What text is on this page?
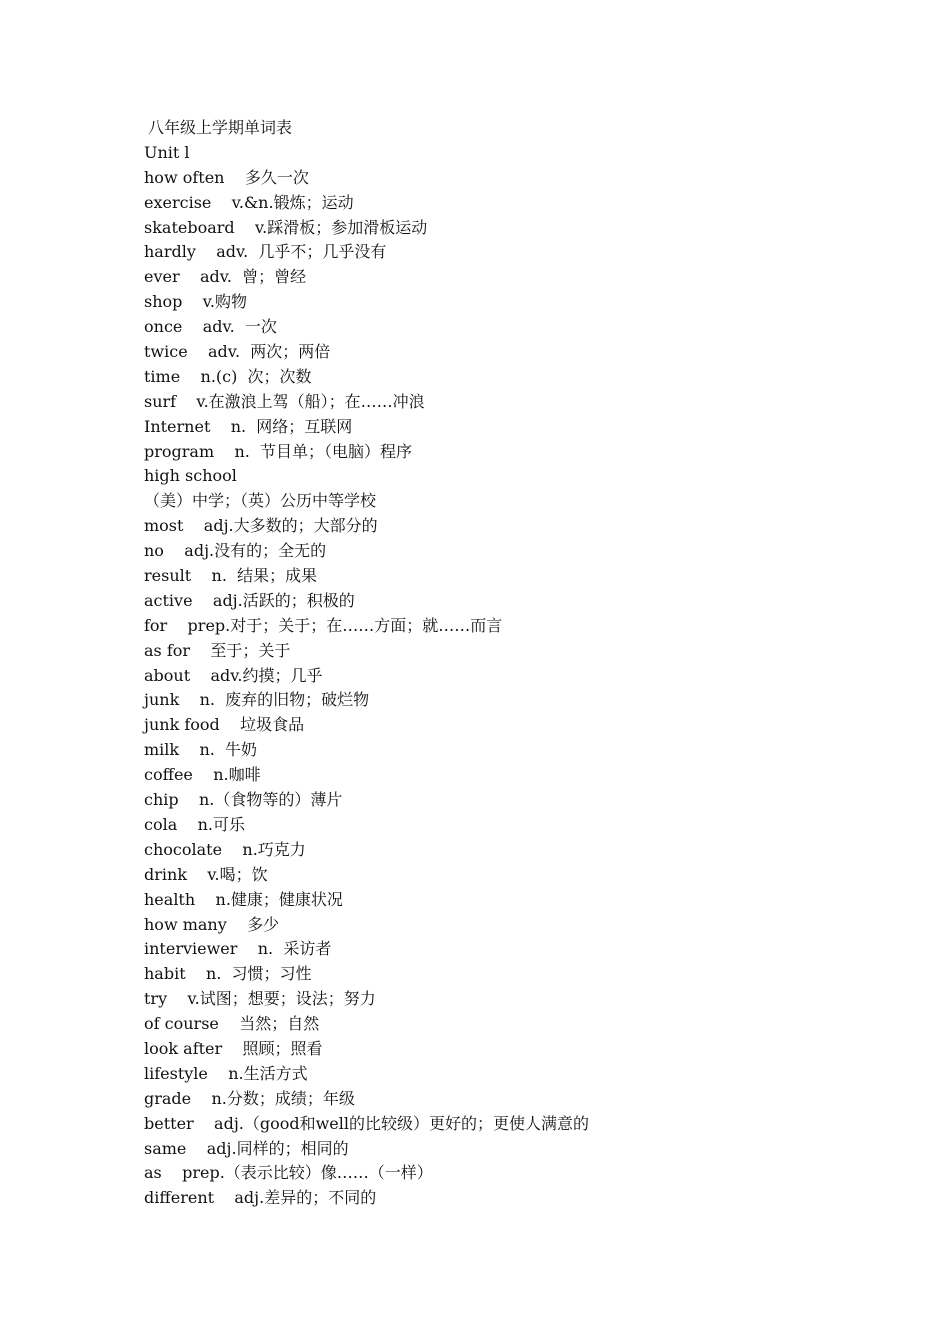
八年级上学期单词表
Unit l
how often    多久一次
exercise    v.&n.锻炼；运动
skateboard    v.踩滑板；参加滑板运动
hardly    adv.  几乎不；几乎没有
ever    adv.  曾；曾经
shop    v.购物
once    adv.  一次
twice    adv.  两次；两倍
time    n.(c)  次；次数
surf    v.在激浪上驾（船）；在……冲浪
Internet    n.  网络；互联网
program    n.  节目单；（电脑）程序
high school
（美）中学；（英）公历中等学校
most    adj.大多数的；大部分的
no    adj.没有的；全无的
result    n.  结果；成果
active    adj.活跃的；积极的
for    prep.对于；关于；在……方面；就……而言
as for    至于；关于
about    adv.约摸；几乎
junk    n.  废弃的旧物；破烂物
junk food    垃圾食品
milk    n.  牛奶
coffee    n.咖啡
chip    n.（食物等的）薄片
cola    n.可乐
chocolate    n.巧克力
drink    v.喝；饮
health    n.健康；健康状况
how many    多少
interviewer    n.  采访者
habit    n.  习惯；习性
try    v.试图；想要；设法；努力
of course    当然；自然
look after    照顾；照看
lifestyle    n.生活方式
grade    n.分数；成绩；年级
better    adj.（good和well的比较级）更好的；更使人满意的
same    adj.同样的；相同的
as    prep.（表示比较）像……（一样）
different    adj.差异的；不同的
